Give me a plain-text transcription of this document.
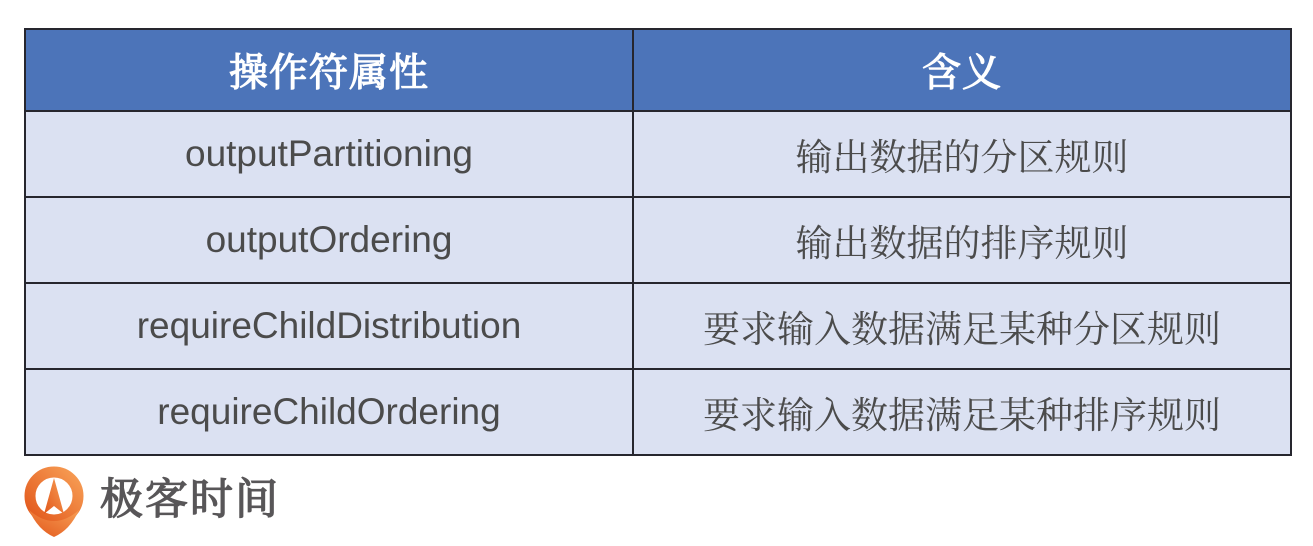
操作符属性	含义
outputPartitioning	输出数据的分区规则
outputOrdering	输出数据的排序规则
requireChildDistribution	要求输入数据满足某种分区规则
requireChildOrdering	要求输入数据满足某种排序规则
极客时间
